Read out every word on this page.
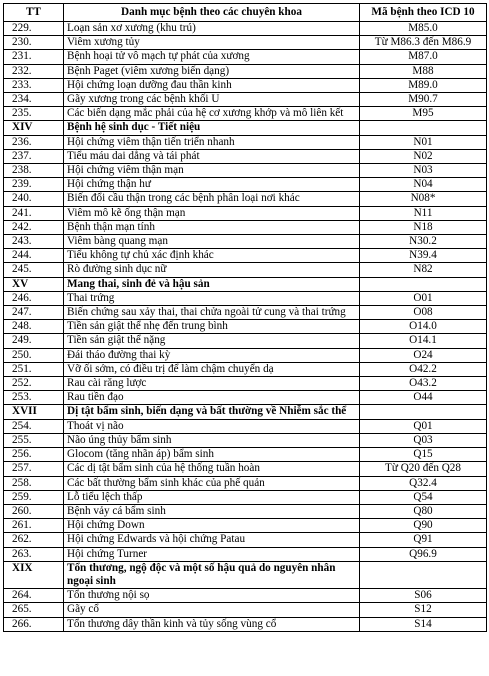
TT	Danh mục bệnh theo các chuyên khoa	Mã bệnh theo ICD 10
229.	Loạn sản xơ xương (khu trú)	M85.0
230.	Viêm xương tủy	Từ M86.3 đến M86.9
231.	Bệnh hoại tử vô mạch tự phát của xương	M87.0
232.	Bệnh Paget (viêm xương biến dạng)	M88
233.	Hội chứng loạn dưỡng đau thần kinh	M89.0
234.	Gãy xương trong các bệnh khối U	M90.7
235.	Các biến dạng mắc phải của hệ cơ xương khớp và mô liên kết	M95
XIV	Bệnh hệ sinh dục - Tiết niệu	
236.	Hội chứng viêm thận tiến triển nhanh	N01
237.	Tiểu máu dai dẳng và tái phát	N02
238.	Hội chứng viêm thận mạn	N03
239.	Hội chứng thận hư	N04
240.	Biến đổi cầu thận trong các bệnh phân loại nơi khác	N08*
241.	Viêm mô kẽ ống thận mạn	N11
242.	Bệnh thận mạn tính	N18
243.	Viêm bàng quang mạn	N30.2
244.	Tiểu không tự chủ xác định khác	N39.4
245.	Rò đường sinh dục nữ	N82
XV	Mang thai, sinh đẻ và hậu sản	
246.	Thai trứng	O01
247.	Biến chứng sau xảy thai, thai chửa ngoài tử cung và thai trứng	O08
248.	Tiền sản giật thể nhẹ đến trung bình	O14.0
249.	Tiền sản giật thể nặng	O14.1
250.	Đái tháo đường thai kỳ	O24
251.	Vỡ ối sớm, có điều trị để làm chậm chuyển dạ	O42.2
252.	Rau cài răng lược	O43.2
253.	Rau tiền đạo	O44
XVII	Dị tật bẩm sinh, biến dạng và bất thường về Nhiễm sắc thể	
254.	Thoát vị não	Q01
255.	Não úng thủy bẩm sinh	Q03
256.	Glocom (tăng nhãn áp) bẩm sinh	Q15
257.	Các dị tật bẩm sinh của hệ thống tuần hoàn	Từ Q20 đến Q28
258.	Các bất thường bẩm sinh khác của phế quản	Q32.4
259.	Lỗ tiểu lệch thấp	Q54
260.	Bệnh vảy cá bẩm sinh	Q80
261.	Hội chứng Down	Q90
262.	Hội chứng Edwards và hội chứng Patau	Q91
263.	Hội chứng Turner	Q96.9
XIX	Tổn thương, ngộ độc và một số hậu quả do nguyên nhân ngoại sinh	
264.	Tổn thương nội sọ	S06
265.	Gãy cổ	S12
266.	Tổn thương dây thần kinh và tủy sống vùng cổ	S14
